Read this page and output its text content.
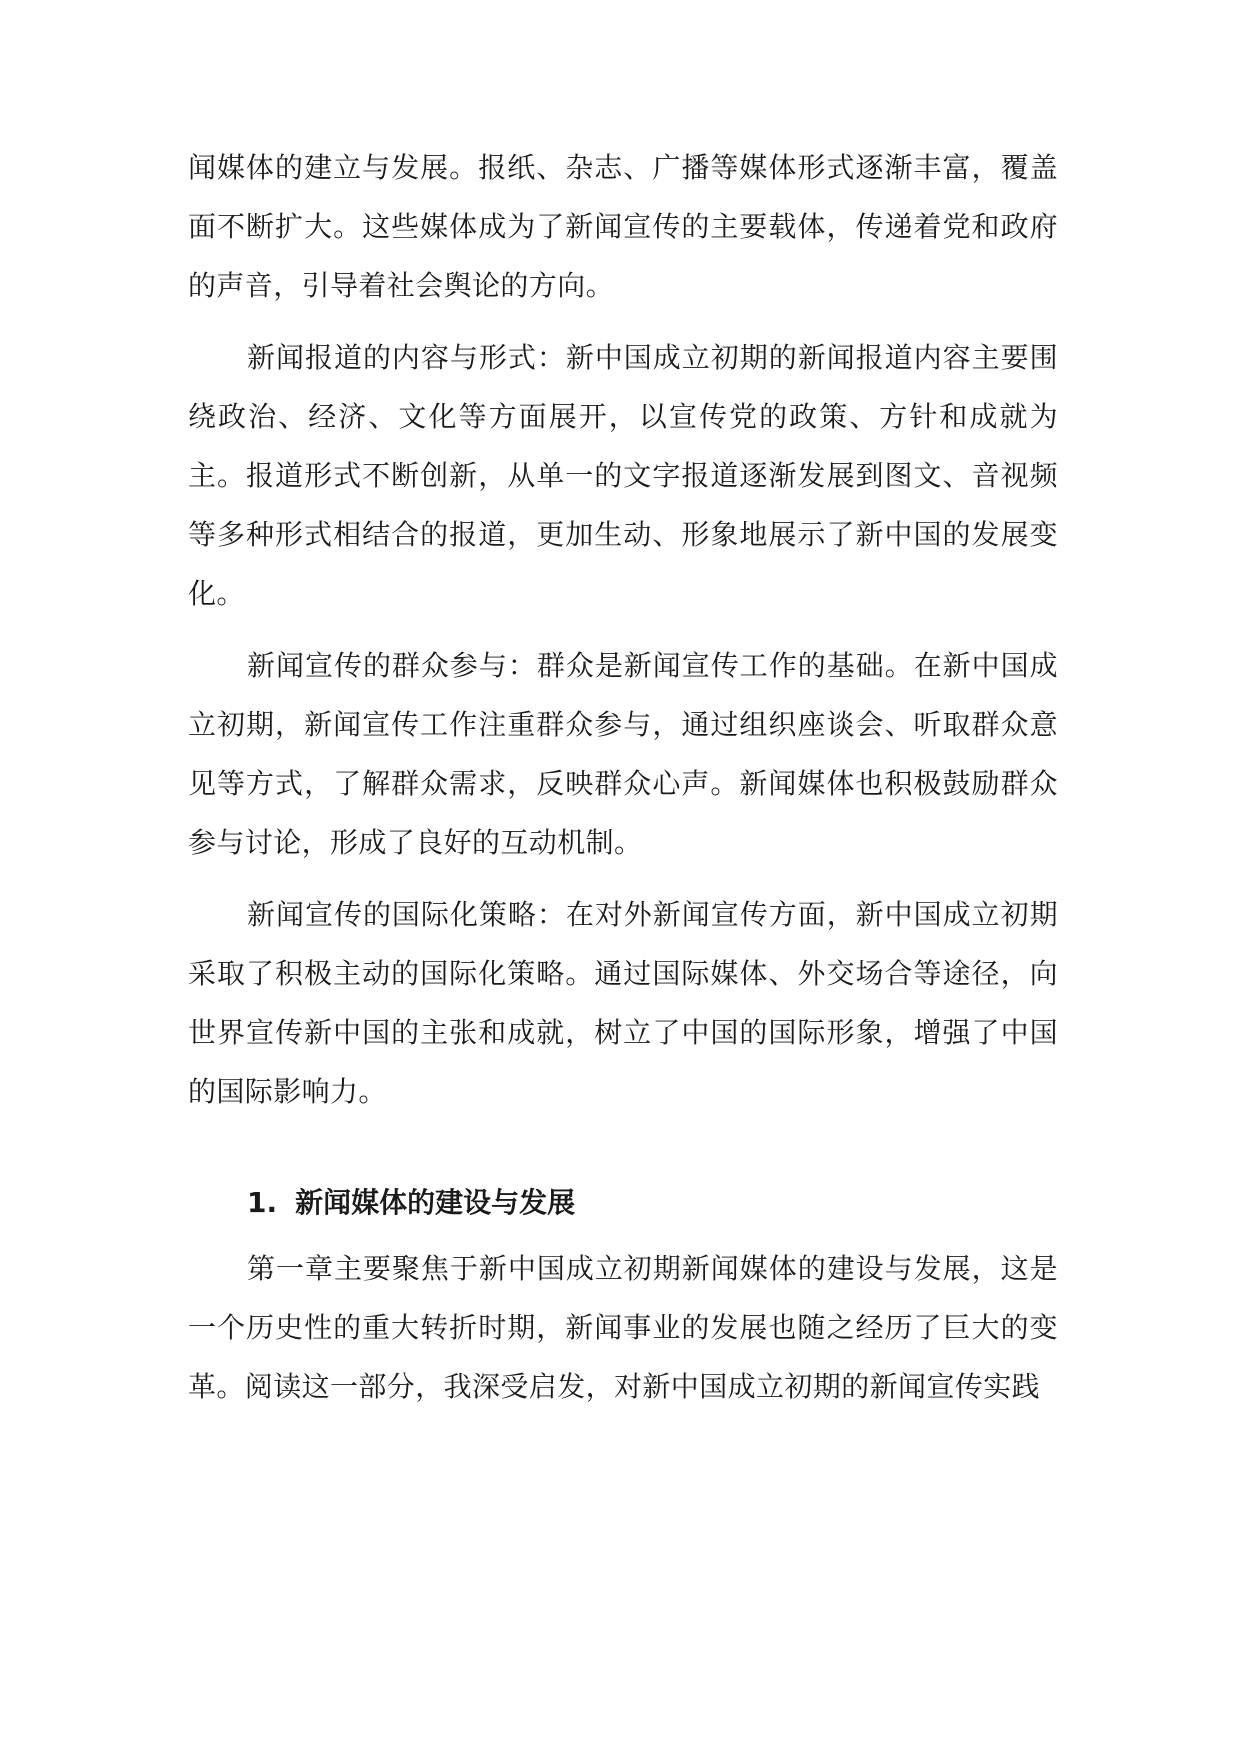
闻媒体的建立与发展。报纸、杂志、广播等媒体形式逐渐丰富，覆盖面不断扩大。这些媒体成为了新闻宣传的主要载体，传递着党和政府的声音，引导着社会舆论的方向。

新闻报道的内容与形式：新中国成立初期的新闻报道内容主要围绕政治、经济、文化等方面展开，以宣传党的政策、方针和成就为主。报道形式不断创新，从单一的文字报道逐渐发展到图文、音视频等多种形式相结合的报道，更加生动、形象地展示了新中国的发展变化。

新闻宣传的群众参与：群众是新闻宣传工作的基础。在新中国成立初期，新闻宣传工作注重群众参与，通过组织座谈会、听取群众意见等方式，了解群众需求，反映群众心声。新闻媒体也积极鼓励群众参与讨论，形成了良好的互动机制。

新闻宣传的国际化策略：在对外新闻宣传方面，新中国成立初期采取了积极主动的国际化策略。通过国际媒体、外交场合等途径，向世界宣传新中国的主张和成就，树立了中国的国际形象，增强了中国的国际影响力。

1. 新闻媒体的建设与发展

第一章主要聚焦于新中国成立初期新闻媒体的建设与发展，这是一个历史性的重大转折时期，新闻事业的发展也随之经历了巨大的变革。阅读这一部分，我深受启发，对新中国成立初期的新闻宣传实践
